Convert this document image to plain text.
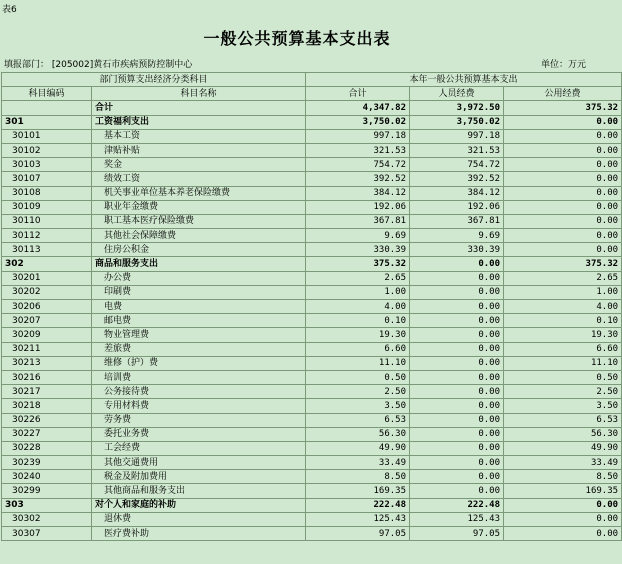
表6
一般公共预算基本支出表
填报部门： [205002]黄石市疾病预防控制中心	单位：万元
部门预算支出经济分类科目		本年一般公共预算基本支出		
科目编码	科目名称	合计	人员经费	公用经费
	合计	4,347.82	3,972.50	375.32
301	工资福利支出	3,750.02	3,750.02	0.00
30101	基本工资	997.18	997.18	0.00
30102	津贴补贴	321.53	321.53	0.00
30103	奖金	754.72	754.72	0.00
30107	绩效工资	392.52	392.52	0.00
30108	机关事业单位基本养老保险缴费	384.12	384.12	0.00
30109	职业年金缴费	192.06	192.06	0.00
30110	职工基本医疗保险缴费	367.81	367.81	0.00
30112	其他社会保障缴费	9.69	9.69	0.00
30113	住房公积金	330.39	330.39	0.00
302	商品和服务支出	375.32	0.00	375.32
30201	办公费	2.65	0.00	2.65
30202	印刷费	1.00	0.00	1.00
30206	电费	4.00	0.00	4.00
30207	邮电费	0.10	0.00	0.10
30209	物业管理费	19.30	0.00	19.30
30211	差旅费	6.60	0.00	6.60
30213	维修（护）费	11.10	0.00	11.10
30216	培训费	0.50	0.00	0.50
30217	公务接待费	2.50	0.00	2.50
30218	专用材料费	3.50	0.00	3.50
30226	劳务费	6.53	0.00	6.53
30227	委托业务费	56.30	0.00	56.30
30228	工会经费	49.90	0.00	49.90
30239	其他交通费用	33.49	0.00	33.49
30240	税金及附加费用	8.50	0.00	8.50
30299	其他商品和服务支出	169.35	0.00	169.35
303	对个人和家庭的补助	222.48	222.48	0.00
30302	退休费	125.43	125.43	0.00
30307	医疗费补助	97.05	97.05	0.00
